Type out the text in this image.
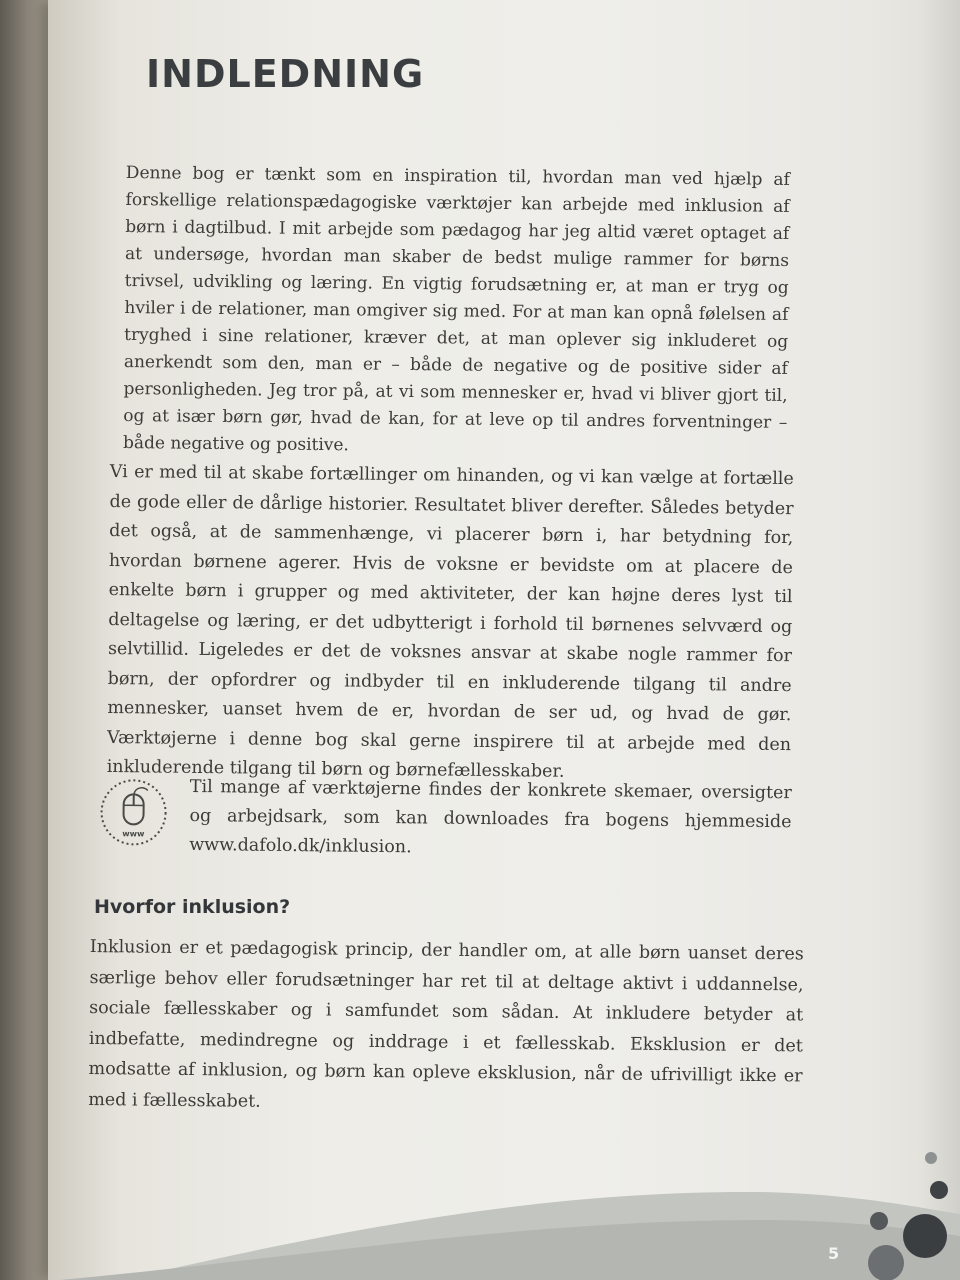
INDLEDNING

Denne bog er tænkt som en inspiration til, hvordan man ved hjælp af forskellige relationspædagogiske værktøjer kan arbejde med inklusion af børn i dagtilbud. I mit arbejde som pædagog har jeg altid været optaget af at undersøge, hvordan man skaber de bedst mulige rammer for børns trivsel, udvikling og læring. En vigtig forudsætning er, at man er tryg og hviler i de relationer, man omgiver sig med. For at man kan opnå følelsen af tryghed i sine relationer, kræver det, at man oplever sig inkluderet og anerkendt som den, man er – både de negative og de positive sider af personligheden. Jeg tror på, at vi som mennesker er, hvad vi bliver gjort til, og at især børn gør, hvad de kan, for at leve op til andres forventninger – både negative og positive.

Vi er med til at skabe fortællinger om hinanden, og vi kan vælge at fortælle de gode eller de dårlige historier. Resultatet bliver derefter. Således betyder det også, at de sammenhænge, vi placerer børn i, har betydning for, hvordan børnene agerer. Hvis de voksne er bevidste om at placere de enkelte børn i grupper og med aktiviteter, der kan højne deres lyst til deltagelse og læring, er det udbytterigt i forhold til børnenes selvværd og selvtillid. Ligeledes er det de voksnes ansvar at skabe nogle rammer for børn, der opfordrer og indbyder til en inkluderende tilgang til andre mennesker, uanset hvem de er, hvordan de ser ud, og hvad de gør. Værktøjerne i denne bog skal gerne inspirere til at arbejde med den inkluderende tilgang til børn og børnefællesskaber.

www

Til mange af værktøjerne findes der konkrete skemaer, oversigter og arbejdsark, som kan downloades fra bogens hjemmeside www.dafolo.dk/inklusion.

Hvorfor inklusion?

Inklusion er et pædagogisk princip, der handler om, at alle børn uanset deres særlige behov eller forudsætninger har ret til at deltage aktivt i uddannelse, sociale fællesskaber og i samfundet som sådan. At inkludere betyder at indbefatte, medindregne og inddrage i et fællesskab. Eksklusion er det modsatte af inklusion, og børn kan opleve eksklusion, når de ufrivilligt ikke er med i fællesskabet.

5
